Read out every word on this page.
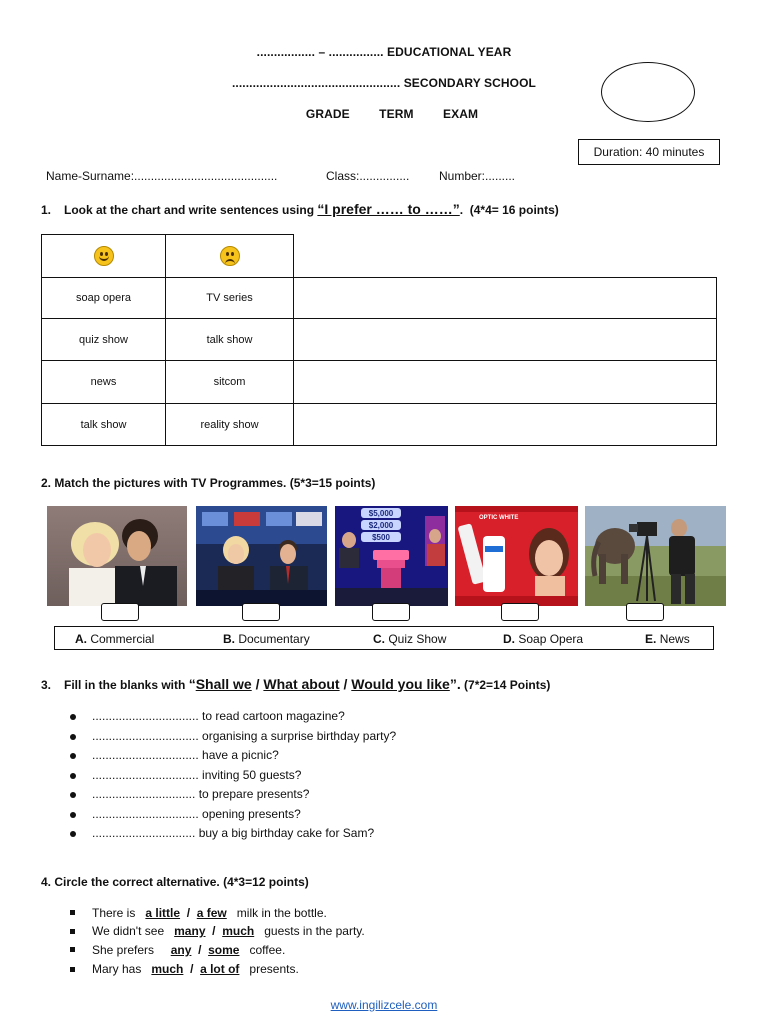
................. – ................ EDUCATIONAL YEAR
................................................. SECONDARY SCHOOL
GRADE TERM EXAM
Duration: 40 minutes
Name-Surname:...........................................	Class:............... Number:.........
1. Look at the chart and write sentences using “I prefer …… to ……”. (4*4= 16 points)
soap opera	TV series
quiz show	talk show
news	sitcom
talk show	reality show
2. Match the pictures with TV Programmes. (5*3=15 points)
$5,000
$2,000
$500
OPTIC WHITE
A. Commercial	B. Documentary	C. Quiz Show	D. Soap Opera	E. News
3. Fill in the blanks with “Shall we / What about / Would you like”. (7*2=14 Points)
................................ to read cartoon magazine?
................................ organising a surprise birthday party?
................................ have a picnic?
................................ inviting 50 guests?
............................... to prepare presents?
................................ opening presents?
............................... buy a big birthday cake for Sam?
4. Circle the correct alternative. (4*3=12 points)
There is a little / a few milk in the bottle.
We didn't see many / much guests in the party.
She prefers any / some coffee.
Mary has much / a lot of presents.
www.ingilizcele.com
